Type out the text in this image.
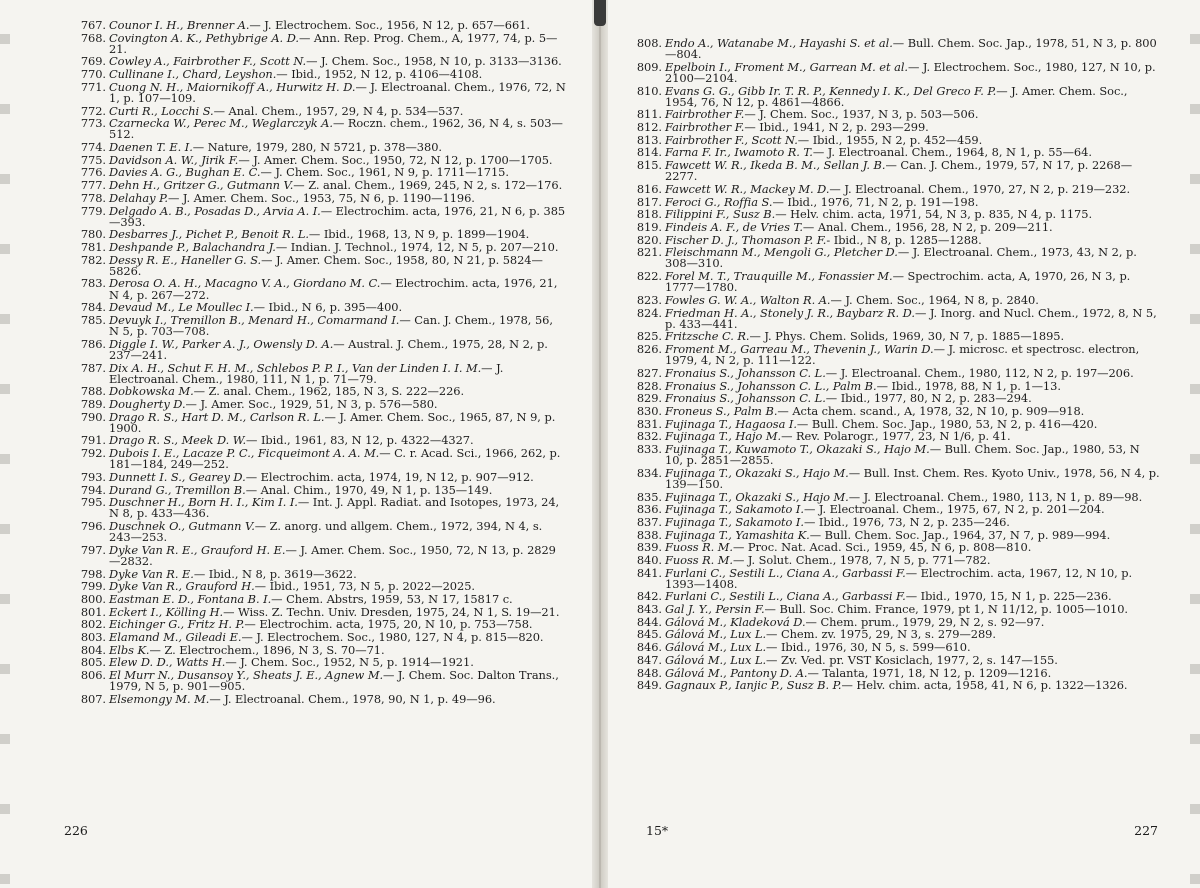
767. Counor I. H., Brenner A.— J. Electrochem. Soc., 1956, N 12, p. 657—661.
768. Covington A. K., Pethybrige A. D.— Ann. Rep. Prog. Chem., A, 1977, 74, p. 5—21.
769. Cowley A., Fairbrother F., Scott N.— J. Chem. Soc., 1958, N 10, p. 3133—3136.
770. Cullinane I., Chard, Leyshon.— Ibid., 1952, N 12, p. 4106—4108.
771. Cuong N. H., Maiornikoff A., Hurwitz H. D.— J. Electroanal. Chem., 1976, 72, N 1, p. 107—109.
772. Curti R., Locchi S.— Anal. Chem., 1957, 29, N 4, p. 534—537.
773. Czarnecka W., Perec M., Weglarczyk A.— Roczn. chem., 1962, 36, N 4, s. 503—512.
774. Daenen T. E. I.— Nature, 1979, 280, N 5721, p. 378—380.
775. Davidson A. W., Jirik F.— J. Amer. Chem. Soc., 1950, 72, N 12, p. 1700—1705.
776. Davies A. G., Bughan E. C.— J. Chem. Soc., 1961, N 9, p. 1711—1715.
777. Dehn H., Gritzer G., Gutmann V.— Z. anal. Chem., 1969, 245, N 2, s. 172—176.
778. Delahay P.— J. Amer. Chem. Soc., 1953, 75, N 6, p. 1190—1196.
779. Delgado A. B., Posadas D., Arvia A. I.— Electrochim. acta, 1976, 21, N 6, p. 385—393.
780. Desbarres J., Pichet P., Benoit R. L.— Ibid., 1968, 13, N 9, p. 1899—1904.
781. Deshpande P., Balachandra J.— Indian. J. Technol., 1974, 12, N 5, p. 207—210.
782. Dessy R. E., Haneller G. S.— J. Amer. Chem. Soc., 1958, 80, N 21, p. 5824—5826.
783. Derosa O. A. H., Macagno V. A., Giordano M. C.— Electrochim. acta, 1976, 21, N 4, p. 267—272.
784. Devaud M., Le Moullec I.— Ibid., N 6, p. 395—400.
785. Devuyk I., Tremillon B., Menard H., Comarmand I.— Can. J. Chem., 1978, 56, N 5, p. 703—708.
786. Diggle I. W., Parker A. J., Owensly D. A.— Austral. J. Chem., 1975, 28, N 2, p. 237—241.
787. Dix A. H., Schut F. H. M., Schlebos P. P. I., Van der Linden I. I. M.— J. Electroanal. Chem., 1980, 111, N 1, p. 71—79.
788. Dobkowska M.— Z. anal. Chem., 1962, 185, N 3, S. 222—226.
789. Dougherty D.— J. Amer. Soc., 1929, 51, N 3, p. 576—580.
790. Drago R. S., Hart D. M., Carlson R. L.— J. Amer. Chem. Soc., 1965, 87, N 9, p. 1900.
791. Drago R. S., Meek D. W.— Ibid., 1961, 83, N 12, p. 4322—4327.
792. Dubois I. E., Lacaze P. C., Ficqueimont A. A. M.— C. r. Acad. Sci., 1966, 262, p. 181—184, 249—252.
793. Dunnett I. S., Gearey D.— Electrochim. acta, 1974, 19, N 12, p. 907—912.
794. Durand G., Tremillon B.— Anal. Chim., 1970, 49, N 1, p. 135—149.
795. Duschner H., Born H. I., Kim I. I.— Int. J. Appl. Radiat. and Isotopes, 1973, 24, N 8, p. 433—436.
796. Duschnek O., Gutmann V.— Z. anorg. und allgem. Chem., 1972, 394, N 4, s. 243—253.
797. Dyke Van R. E., Grauford H. E.— J. Amer. Chem. Soc., 1950, 72, N 13, p. 2829—2832.
798. Dyke Van R. E.— Ibid., N 8, p. 3619—3622.
799. Dyke Van R., Grauford H.— Ibid., 1951, 73, N 5, p. 2022—2025.
800. Eastman E. D., Fontana B. I.— Chem. Abstrs, 1959, 53, N 17, 15817 c.
801. Eckert I., Kölling H.— Wiss. Z. Techn. Univ. Dresden, 1975, 24, N 1, S. 19—21.
802. Eichinger G., Fritz H. P.— Electrochim. acta, 1975, 20, N 10, p. 753—758.
803. Elamand M., Gileadi E.— J. Electrochem. Soc., 1980, 127, N 4, p. 815—820.
804. Elbs K.— Z. Electrochem., 1896, N 3, S. 70—71.
805. Elew D. D., Watts H.— J. Chem. Soc., 1952, N 5, p. 1914—1921.
806. El Murr N., Dusansoy Y., Sheats J. E., Agnew M.— J. Chem. Soc. Dalton Trans., 1979, N 5, p. 901—905.
807. Elsemongy M. M.— J. Electroanal. Chem., 1978, 90, N 1, p. 49—96.
226
808. Endo A., Watanabe M., Hayashi S. et al.— Bull. Chem. Soc. Jap., 1978, 51, N 3, p. 800—804.
809. Epelboin I., Froment M., Garrean M. et al.— J. Electrochem. Soc., 1980, 127, N 10, p. 2100—2104.
810. Evans G. G., Gibb Ir. T. R. P., Kennedy I. K., Del Greco F. P.— J. Amer. Chem. Soc., 1954, 76, N 12, p. 4861—4866.
811. Fairbrother F.— J. Chem. Soc., 1937, N 3, p. 503—506.
812. Fairbrother F.— Ibid., 1941, N 2, p. 293—299.
813. Fairbrother F., Scott N.— Ibid., 1955, N 2, p. 452—459.
814. Farna F. Ir., Iwamoto R. T.— J. Electroanal. Chem., 1964, 8, N 1, p. 55—64.
815. Fawcett W. R., Ikeda B. M., Sellan J. B.— Can. J. Chem., 1979, 57, N 17, p. 2268—2277.
816. Fawcett W. R., Mackey M. D.— J. Electroanal. Chem., 1970, 27, N 2, p. 219—232.
817. Feroci G., Roffia S.— Ibid., 1976, 71, N 2, p. 191—198.
818. Filippini F., Susz B.— Helv. chim. acta, 1971, 54, N 3, p. 835, N 4, p. 1175.
819. Findeis A. F., de Vries T.— Anal. Chem., 1956, 28, N 2, p. 209—211.
820. Fischer D. J., Thomason P. F.- Ibid., N 8, p. 1285—1288.
821. Fleischmann M., Mengoli G., Pletcher D.— J. Electroanal. Chem., 1973, 43, N 2, p. 308—310.
822. Forel M. T., Trauquille M., Fonassier M.— Spectrochim. acta, A, 1970, 26, N 3, p. 1777—1780.
823. Fowles G. W. A., Walton R. A.— J. Chem. Soc., 1964, N 8, p. 2840.
824. Friedman H. A., Stonely J. R., Baybarz R. D.— J. Inorg. and Nucl. Chem., 1972, 8, N 5, p. 433—441.
825. Fritzsche C. R.— J. Phys. Chem. Solids, 1969, 30, N 7, p. 1885—1895.
826. Froment M., Garreau M., Thevenin J., Warin D.— J. microsc. et spectrosc. electron, 1979, 4, N 2, p. 111—122.
827. Fronaius S., Johansson C. L.— J. Electroanal. Chem., 1980, 112, N 2, p. 197—206.
828. Fronaius S., Johansson C. L., Palm B.— Ibid., 1978, 88, N 1, p. 1—13.
829. Fronaius S., Johansson C. L.— Ibid., 1977, 80, N 2, p. 283—294.
830. Froneus S., Palm B.— Acta chem. scand., A, 1978, 32, N 10, p. 909—918.
831. Fujinaga T., Hagaosa I.— Bull. Chem. Soc. Jap., 1980, 53, N 2, p. 416—420.
832. Fujinaga T., Hajo M.— Rev. Polarogr., 1977, 23, N 1/6, p. 41.
833. Fujinaga T., Kuwamoto T., Okazaki S., Hajo M.— Bull. Chem. Soc. Jap., 1980, 53, N 10, p. 2851—2855.
834. Fujinaga T., Okazaki S., Hajo M.— Bull. Inst. Chem. Res. Kyoto Univ., 1978, 56, N 4, p. 139—150.
835. Fujinaga T., Okazaki S., Hajo M.— J. Electroanal. Chem., 1980, 113, N 1, p. 89—98.
836. Fujinaga T., Sakamoto I.— J. Electroanal. Chem., 1975, 67, N 2, p. 201—204.
837. Fujinaga T., Sakamoto I.— Ibid., 1976, 73, N 2, p. 235—246.
838. Fujinaga T., Yamashita K.— Bull. Chem. Soc. Jap., 1964, 37, N 7, p. 989—994.
839. Fuoss R. M.— Proc. Nat. Acad. Sci., 1959, 45, N 6, p. 808—810.
840. Fuoss R. M.— J. Solut. Chem., 1978, 7, N 5, p. 771—782.
841. Furlani C., Sestili L., Ciana A., Garbassi F.— Electrochim. acta, 1967, 12, N 10, p. 1393—1408.
842. Furlani C., Sestili L., Ciana A., Garbassi F.— Ibid., 1970, 15, N 1, p. 225—236.
843. Gal J. Y., Persin F.— Bull. Soc. Chim. France, 1979, pt 1, N 11/12, p. 1005—1010.
844. Gálová M., Kladeková D.— Chem. prum., 1979, 29, N 2, s. 92—97.
845. Gálová M., Lux L.— Chem. zv. 1975, 29, N 3, s. 279—289.
846. Gálová M., Lux L.— Ibid., 1976, 30, N 5, s. 599—610.
847. Gálová M., Lux L.— Zv. Ved. pr. VST Kosiclach, 1977, 2, s. 147—155.
848. Gálová M., Pantony D. A.— Talanta, 1971, 18, N 12, p. 1209—1216.
849. Gagnaux P., Ianjic P., Susz B. P.— Helv. chim. acta, 1958, 41, N 6, p. 1322—1326.
15*	227
